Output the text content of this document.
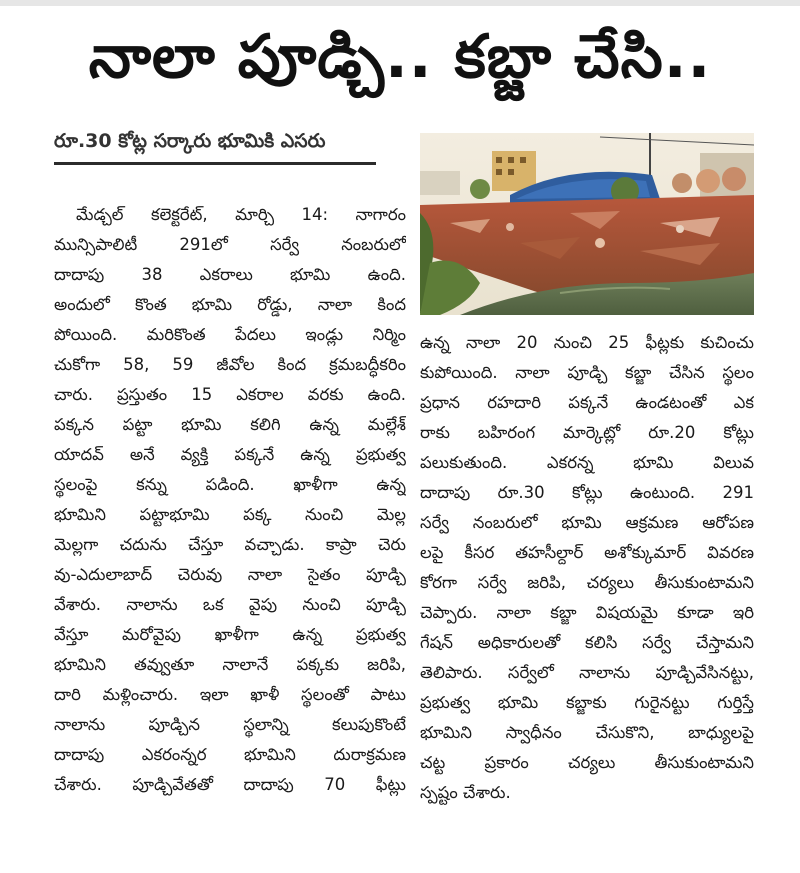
నాలా పూడ్చి.. కబ్జా చేసి..
రూ.30 కోట్ల సర్కారు భూమికి ఎసరు
మేడ్చల్ కలెక్టరేట్, మార్చి 14: నాగారం
మున్సిపాలిటీ 291లో సర్వే నంబరులో
దాదాపు 38 ఎకరాలు భూమి ఉంది.
అందులో కొంత భూమి రోడ్డు, నాలా కింద
పోయింది. మరికొంత పేదలు ఇండ్లు నిర్మిం
చుకోగా 58, 59 జీవోల కింద క్రమబద్ధీకరిం
చారు. ప్రస్తుతం 15 ఎకరాల వరకు ఉంది.
పక్కన పట్టా భూమి కలిగి ఉన్న మల్లేశ్
యాదవ్ అనే వ్యక్తి పక్కనే ఉన్న ప్రభుత్వ
స్థలంపై కన్ను పడింది. ఖాళీగా ఉన్న
భూమిని పట్టాభూమి పక్క నుంచి మెల్ల
మెల్లగా చదును చేస్తూ వచ్చాడు. కాప్రా చెరు
వు-ఎదులాబాద్ చెరువు నాలా సైతం పూడ్చి
వేశారు. నాలాను ఒక వైపు నుంచి పూడ్చి
వేస్తూ మరోవైపు ఖాళీగా ఉన్న ప్రభుత్వ
భూమిని తవ్వుతూ నాలానే పక్కకు జరిపి,
దారి మళ్లించారు. ఇలా ఖాళీ స్థలంతో పాటు
నాలాను పూడ్చిన స్థలాన్ని కలుపుకొంటే
దాదాపు ఎకరంన్నర భూమిని దురాక్రమణ
చేశారు. పూడ్చివేతతో దాదాపు 70 ఫీట్లు
ఉన్న నాలా 20 నుంచి 25 ఫీట్లకు కుచించు
కుపోయింది. నాలా పూడ్చి కబ్జా చేసిన స్థలం
ప్రధాన రహదారి పక్కనే ఉండటంతో ఎక
రాకు బహిరంగ మార్కెట్లో రూ.20 కోట్లు
పలుకుతుంది. ఎకరన్న భూమి విలువ
దాదాపు రూ.30 కోట్లు ఉంటుంది. 291
సర్వే నంబరులో భూమి ఆక్రమణ ఆరోపణ
లపై కీసర తహసీల్దార్ అశోక్కుమార్ వివరణ
కోరగా సర్వే జరిపి, చర్యలు తీసుకుంటామని
చెప్పారు. నాలా కబ్జా విషయమై కూడా ఇరి
గేషన్ అధికారులతో కలిసి సర్వే చేస్తామని
తెలిపారు. సర్వేలో నాలాను పూడ్చివేసినట్టు,
ప్రభుత్వ భూమి కబ్జాకు గురైనట్టు గుర్తిస్తే
భూమిని స్వాధీనం చేసుకొని, బాధ్యులపై
చట్ట ప్రకారం చర్యలు తీసుకుంటామని
స్పష్టం చేశారు.
